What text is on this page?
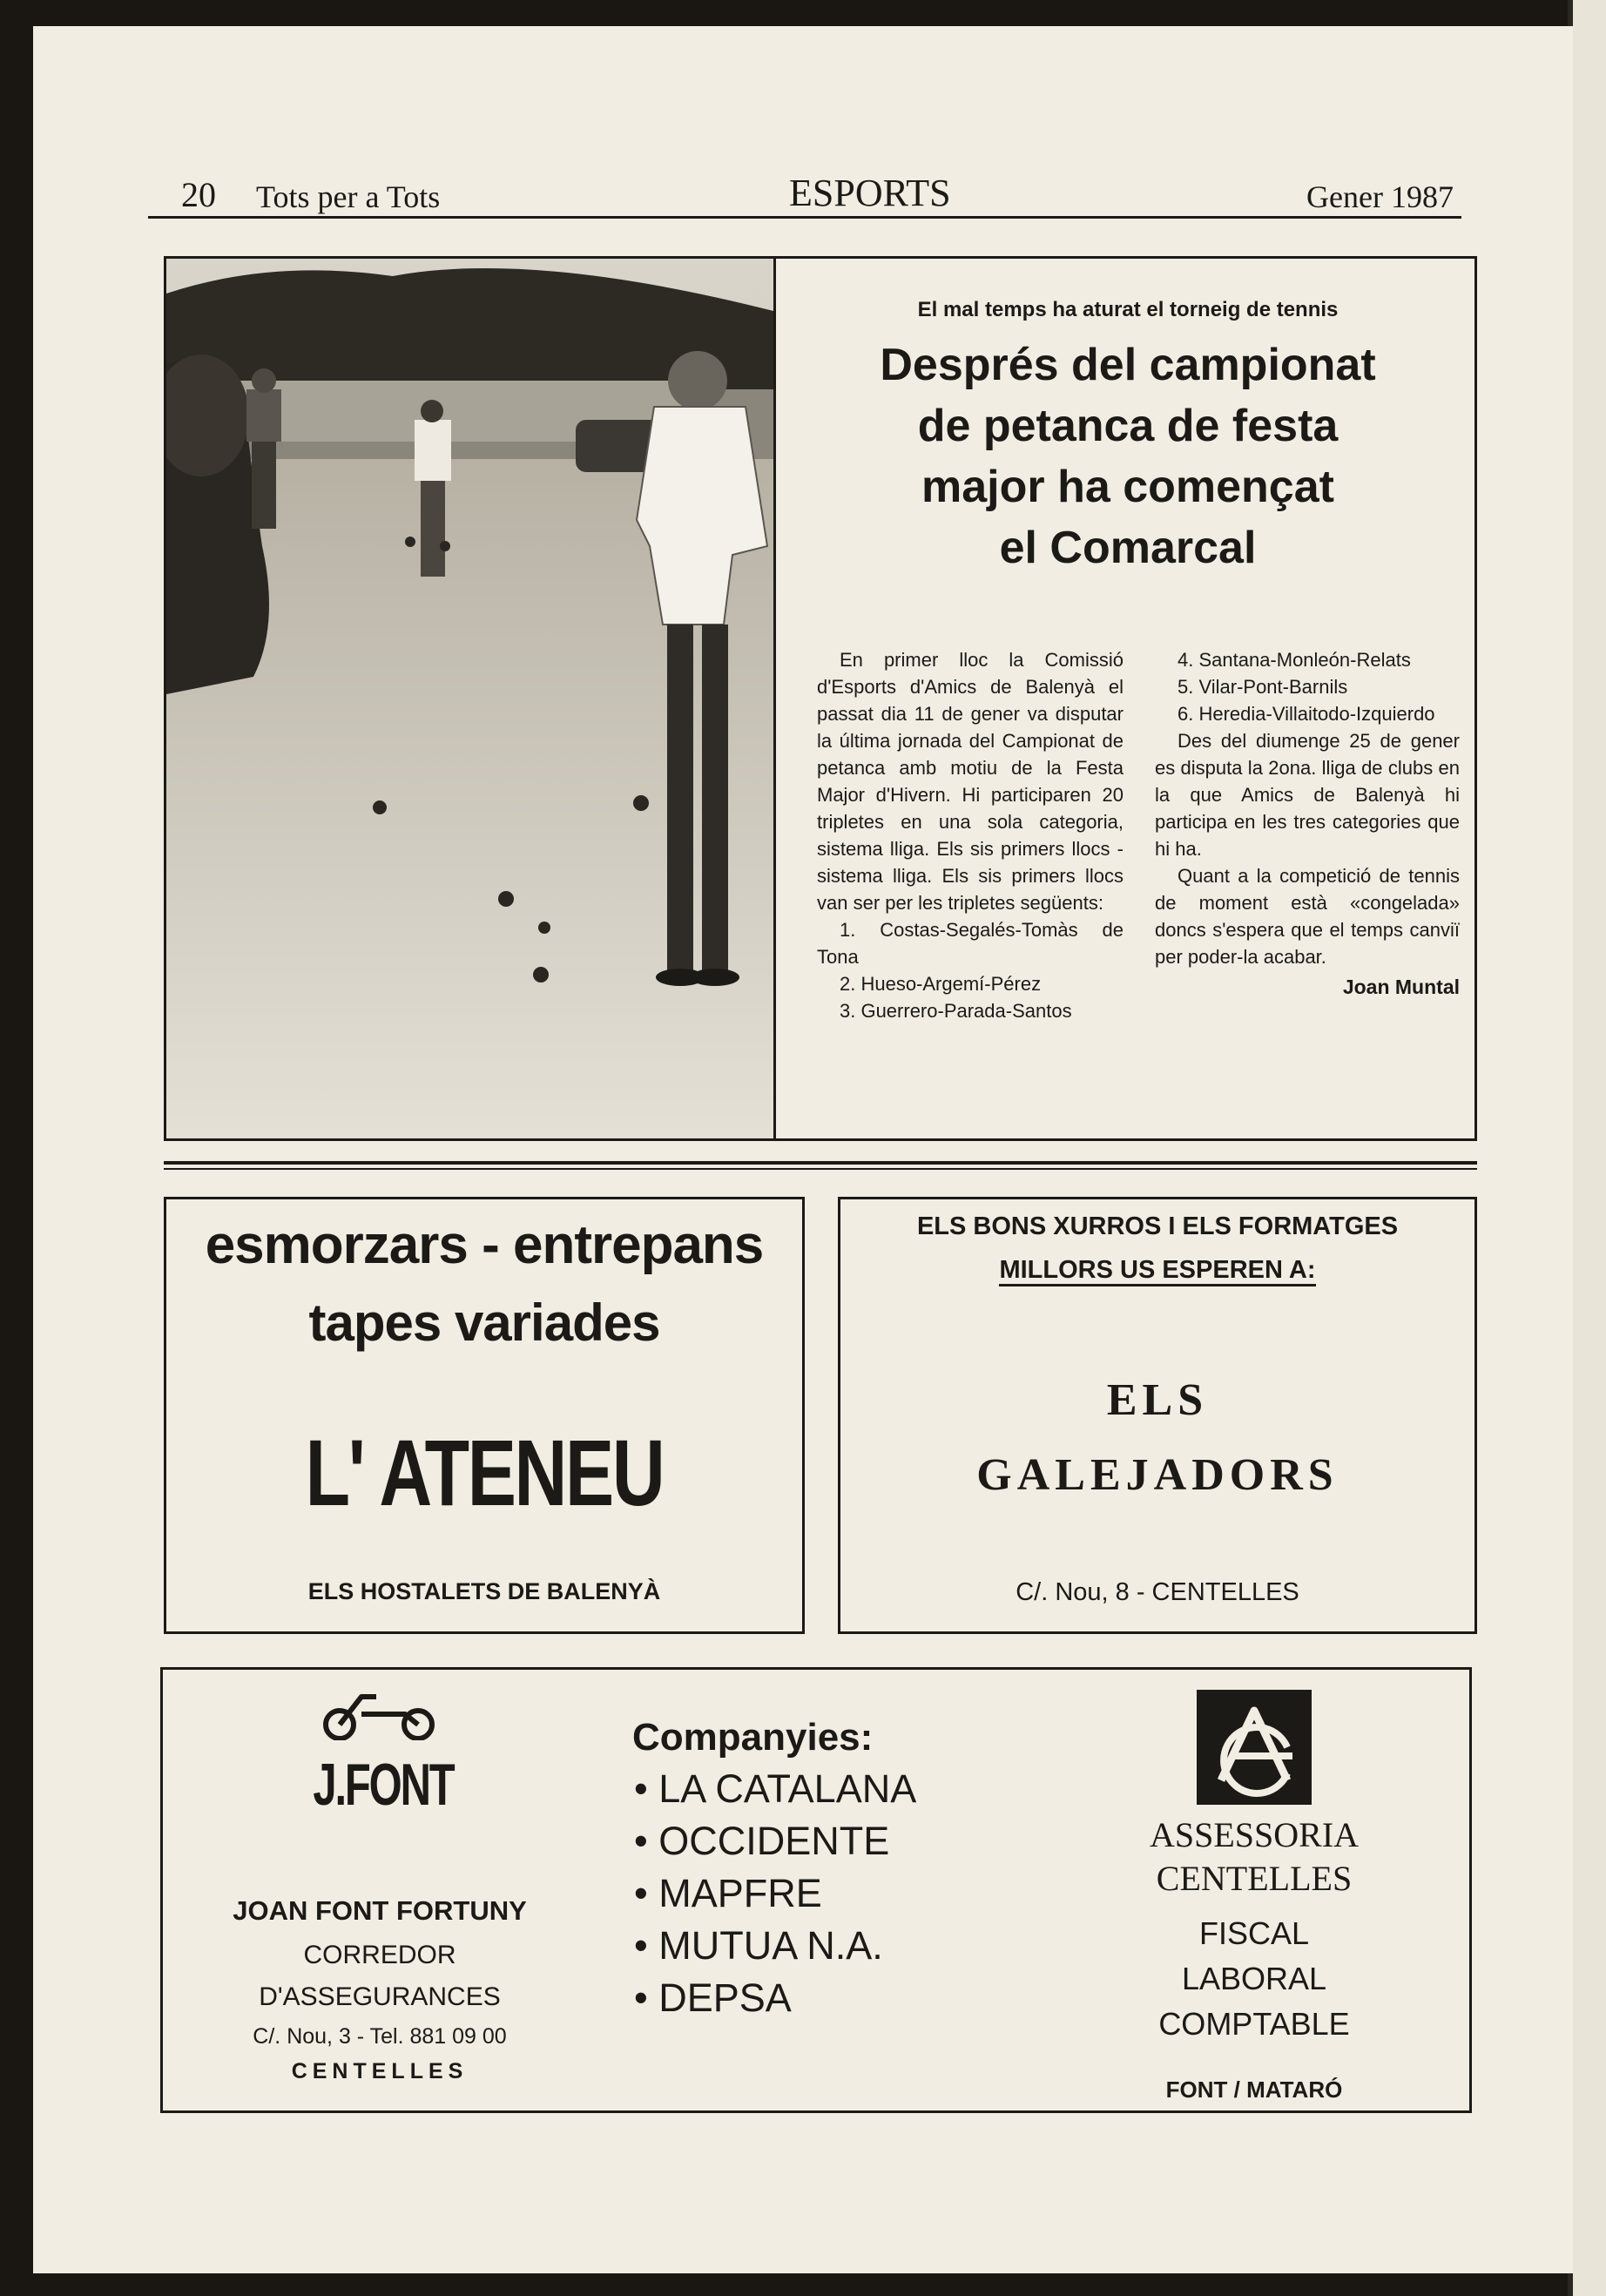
20 Tots per a Tots	ESPORTS	Gener 1987
El mal temps ha aturat el torneig de tennis
Després del campionat
de petanca de festa
major ha començat
el Comarcal

En primer lloc la Comissió d'Esports d'Amics de Balenyà el passat dia 11 de gener va disputar la última jornada del Campionat de petanca amb motiu de la Festa Major d'Hivern. Hi participaren 20 tripletes en una sola categoria, sistema lliga. Els sis primers llocs - sistema lliga. Els sis primers llocs van ser per les tripletes següents:

1. Costas-Segalés-Tomàs de Tona

2. Hueso-Argemí-Pérez

3. Guerrero-Parada-Santos

4. Santana-Monleón-Relats

5. Vilar-Pont-Barnils

6. Heredia-Villaitodo-Izquierdo

Des del diumenge 25 de gener es disputa la 2ona. lliga de clubs en la que Amics de Balenyà hi participa en les tres categories que hi ha.

Quant a la competició de tennis de moment està «congelada» doncs s'espera que el temps canviï per poder-la acabar.

Joan Muntal
esmorzars - entrepans
tapes variades
L' ATENEU
ELS HOSTALETS DE BALENYÀ
ELS BONS XURROS I ELS FORMATGES
MILLORS US ESPEREN A:
ELS
GALEJADORS
C/. Nou, 8 - CENTELLES
J.FONT
JOAN FONT FORTUNY
CORREDOR
D'ASSEGURANCES
C/. Nou, 3 - Tel. 881 09 00
CENTELLES
Companyies:
• LA CATALANA
• OCCIDENTE
• MAPFRE
• MUTUA N.A.
• DEPSA
ASSESSORIA
CENTELLES
FISCAL
LABORAL
COMPTABLE
FONT / MATARÓ
